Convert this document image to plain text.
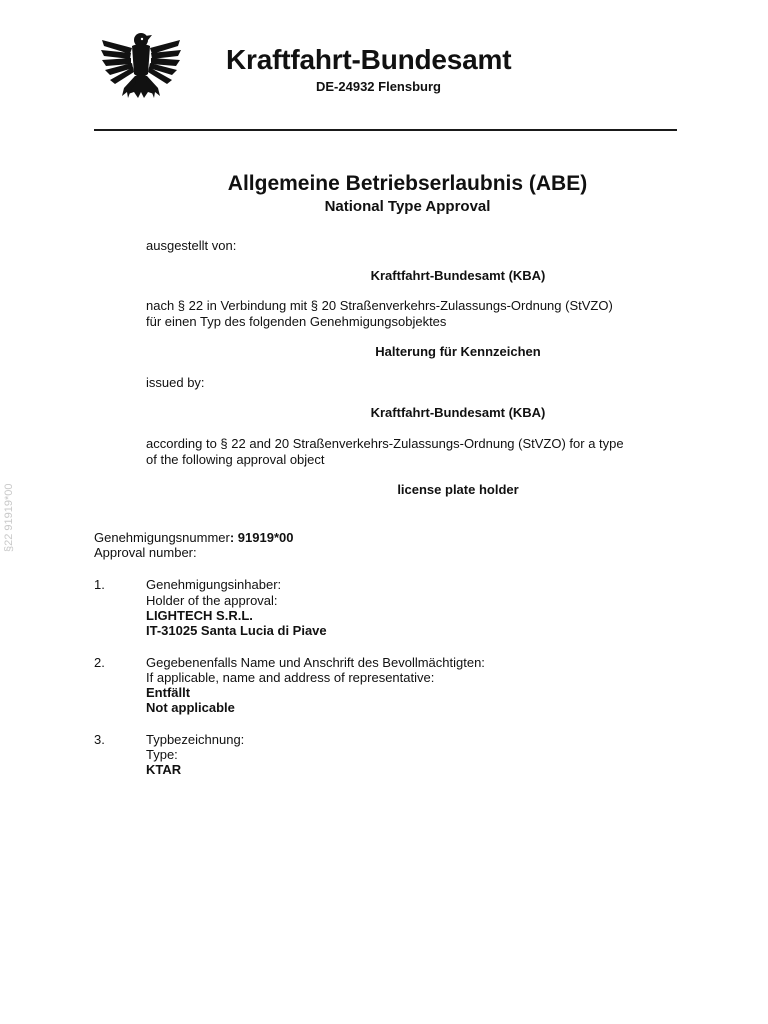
Kraftfahrt-Bundesamt
DE-24932 Flensburg
Allgemeine Betriebserlaubnis (ABE)
National Type Approval
ausgestellt von:
Kraftfahrt-Bundesamt (KBA)
nach § 22 in Verbindung mit § 20 Straßenverkehrs-Zulassungs-Ordnung (StVZO)
für einen Typ des folgenden Genehmigungsobjektes
Halterung für Kennzeichen
issued by:
Kraftfahrt-Bundesamt (KBA)
according to § 22 and 20 Straßenverkehrs-Zulassungs-Ordnung (StVZO) for a type
of the following approval object
license plate holder
Genehmigungsnummer: 91919*00
Approval number:
1.	Genehmigungsinhaber:
Holder of the approval:
LIGHTECH S.R.L.
IT-31025 Santa Lucia di Piave
2.	Gegebenenfalls Name und Anschrift des Bevollmächtigten:
If applicable, name and address of representative:
Entfällt
Not applicable
3.	Typbezeichnung:
Type:
KTAR
§22 91919*00
